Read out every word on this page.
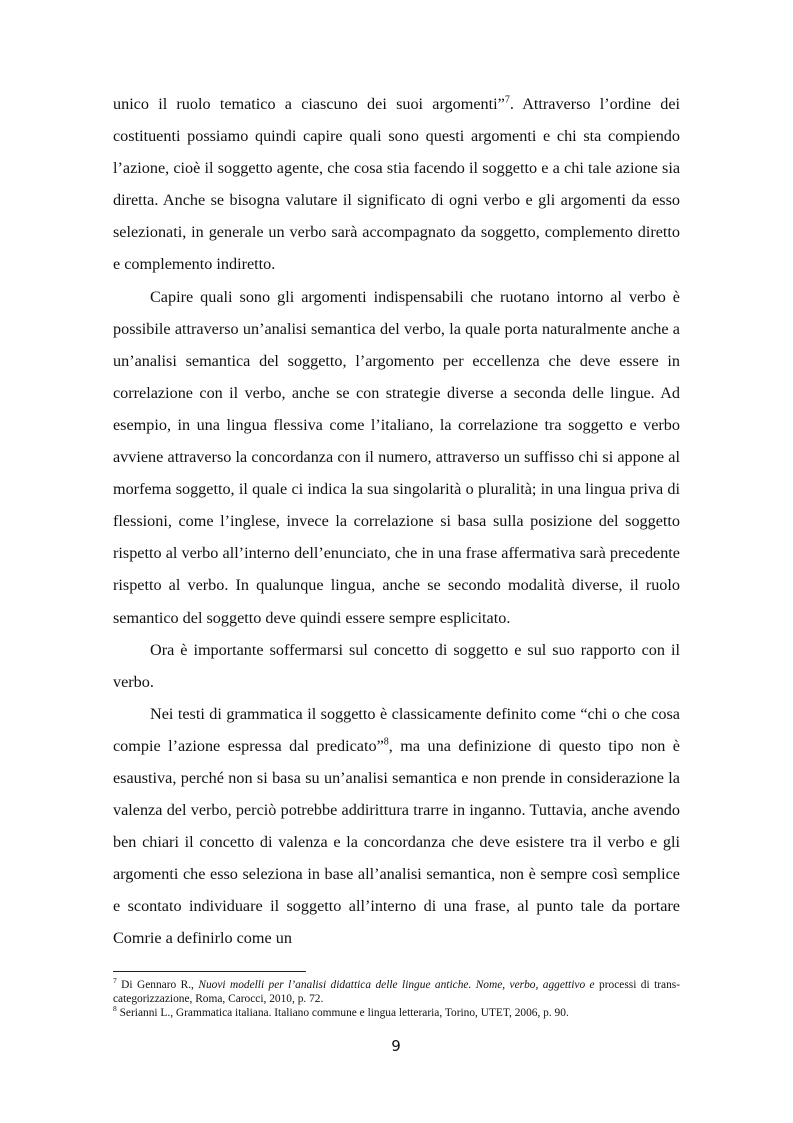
unico il ruolo tematico a ciascuno dei suoi argomenti”$^7$. Attraverso l’ordine dei costituenti possiamo quindi capire quali sono questi argomenti e chi sta compiendo l’azione, cioè il soggetto agente, che cosa stia facendo il soggetto e a chi tale azione sia diretta. Anche se bisogna valutare il significato di ogni verbo e gli argomenti da esso selezionati, in generale un verbo sarà accompagnato da soggetto, complemento diretto e complemento indiretto.

Capire quali sono gli argomenti indispensabili che ruotano intorno al verbo è possibile attraverso un’analisi semantica del verbo, la quale porta naturalmente anche a un’analisi semantica del soggetto, l’argomento per eccellenza che deve essere in correlazione con il verbo, anche se con strategie diverse a seconda delle lingue. Ad esempio, in una lingua flessiva come l’italiano, la correlazione tra soggetto e verbo avviene attraverso la concordanza con il numero, attraverso un suffisso chi si appone al morfema soggetto, il quale ci indica la sua singolarità o pluralità; in una lingua priva di flessioni, come l’inglese, invece la correlazione si basa sulla posizione del soggetto rispetto al verbo all’interno dell’enunciato, che in una frase affermativa sarà precedente rispetto al verbo. In qualunque lingua, anche se secondo modalità diverse, il ruolo semantico del soggetto deve quindi essere sempre esplicitato.

Ora è importante soffermarsi sul concetto di soggetto e sul suo rapporto con il verbo.

Nei testi di grammatica il soggetto è classicamente definito come “chi o che cosa compie l’azione espressa dal predicato”$^8$, ma una definizione di questo tipo non è esaustiva, perché non si basa su un’analisi semantica e non prende in considerazione la valenza del verbo, perciò potrebbe addirittura trarre in inganno. Tuttavia, anche avendo ben chiari il concetto di valenza e la concordanza che deve esistere tra il verbo e gli argomenti che esso seleziona in base all’analisi semantica, non è sempre così semplice e scontato individuare il soggetto all’interno di una frase, al punto tale da portare Comrie a definirlo come un

$^7$ Di Gennaro R., Nuovi modelli per l’analisi didattica delle lingue antiche. Nome, verbo, aggettivo e processi di trans-categorizzazione, Roma, Carocci, 2010, p. 72.

$^8$ Serianni L., Grammatica italiana. Italiano commune e lingua letteraria, Torino, UTET, 2006, p. 90.

9
